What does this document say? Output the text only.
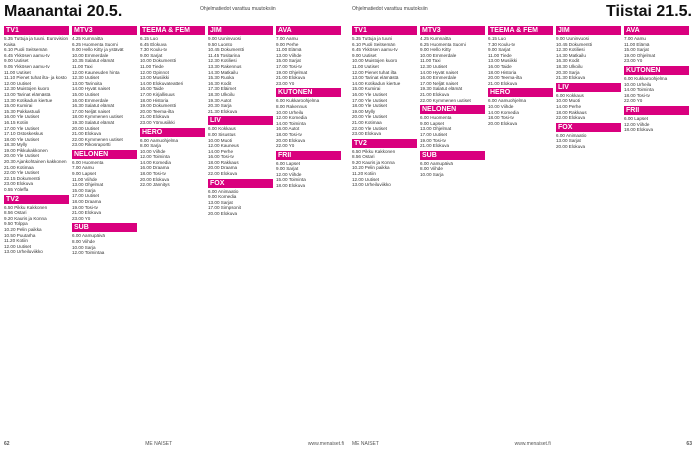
Maanantai 20.5.	Ohjelmatiedot varattuu muutoksiin
TV1
5.35 Tuttuja ja tuuni. Eurovision Kaisa
6.10 Puoli Seitsemän
6.45 Ykkösen aamu-tv
9.00 Uutiset
9.05 Ykkösen aamu-tv
11.00 Uutiset
11.10 Pienet tuhat ilta- ja kosto
12.00 Uutiset
12.30 Muistojen kuoro
13.00 Tarinat elämästä
13.30 Kotikadun kiertue
15.00 Kumirai
15.30 Pakkastuuli
16.00 Yle Uutiset
16.15 Kotiin
17.00 Yle Uutiset
17.10 Ostoskeskus
18.00 Yle Uutiset
18.30 Mylly
19.00 Pikkukakkonen
20.00 Yle Uutiset
20.30 Ajankohtainen kakkonen
21.00 Kotimaa
22.00 Yle Uutiset
22.15 Dokumentti
23.00 Elokuva
0.55 Yöleffa
TV2
6.50 Pikku Kakkonen
8.56 Ostari
9.20 Kauris ja Konna
9.50 Tolppa
10.20 Pelin paikka
10.50 Puutarha
11.20 Kotiin
12.00 Uutiset
13.00 Urheiluviikko
MTV3
4.25 Kumnaitta
6.25 Huomenta Suomi
9.00 Hello Kitty ja ystävät
10.00 Emmerdale
10.35 Salatut elämät
11.00 Taxi
12.00 Kauneuden hinta
12.30 Uutiset
13.00 Tarinoita
14.00 Hyvät naiset
15.00 Uutiset
16.00 Emmerdale
16.30 Salatut elämät
17.00 Neljät naiset
18.00 Kymmenen uutiset
19.30 Salatut elämät
20.00 Uutiset
21.00 Elokuva
22.00 Kymmenen uutiset
23.00 Rikosraportti
NELONEN
6.00 Huomenta
7.00 Aamu
9.00 Lapset
11.00 Viihde
13.00 Ohjelmat
15.00 Sarja
17.00 Uutiset
18.00 Draama
19.00 Tosi-tv
21.00 Elokuva
23.00 Yö
SUB
6.00 Aamupäivä
8.00 Viihde
10.00 Sarja
12.00 Toimintaa
TEEMA & FEM
6.15 Luo
6.45 Elokuva
7.30 Koulu-tv
9.00 Sarjat
10.00 Dokumentti
11.00 Tiede
12.00 Opinnot
13.00 Musiikki
14.00 Elokuvateatteri
16.00 Taide
17.00 Kirjallisuus
18.00 Historia
19.00 Dokumentti
20.00 Teema-ilta
21.00 Elokuva
23.00 Yömusiikki
HERO
6.00 Aamuohjelma
8.00 Sarja
10.00 Viihde
12.00 Toiminta
14.00 Komedia
16.00 Draama
18.00 Tosi-tv
20.00 Elokuva
22.00 Jännitys
JIM
9.00 Uuninvuosi
9.50 Luonto
10.45 Dokumentti
11.45 Tositarina
12.30 Kotiliesi
13.30 Rakennus
14.30 Matkailu
15.30 Ruoka
16.30 Kodit
17.30 Eläimet
18.30 Ulkoilu
19.30 Autot
20.30 Sarja
21.30 Elokuva
LIV
6.00 Kokkaus
8.00 Sisustus
10.00 Muoti
12.00 Kauneus
14.00 Perhe
16.00 Tosi-tv
18.00 Rakkaus
20.00 Draama
22.00 Elokuva
FOX
6.00 Animaatio
9.00 Komedia
13.00 Sarjat
17.00 Simpsonit
20.00 Elokuva
AVA
7.00 Aamu
9.00 Perhe
11.00 Elämä
13.00 Viihde
15.00 Sarjat
17.00 Tosi-tv
19.00 Ohjelmat
21.00 Elokuva
23.00 Yö
KUTONEN
6.00 Kukkaroohjelma
8.00 Rakennus
10.00 Urheilu
12.00 Komedia
14.00 Toiminta
16.00 Autot
18.00 Tosi-tv
20.00 Elokuva
22.00 Yö
FRII
6.00 Lapset
9.00 Sarjat
12.00 Viihde
15.00 Toiminta
18.00 Elokuva
62	ME NAISET	www.menaiset.fi
Tiistai 21.5.
Ohjelmatiedot varattuu muutoksiin
TV1
5.35 Tuttuja ja tuuni
6.10 Puoli Seitsemän
6.45 Ykkösen aamu-tv
9.00 Uutiset
10.00 Muistojen kuoro
11.00 Uutiset
12.00 Pienet tuhat ilta
13.00 Tarinat elämästä
14.00 Kotikadun kiertue
15.00 Kumirai
16.00 Yle Uutiset
17.00 Yle Uutiset
18.00 Yle Uutiset
19.00 Mylly
20.00 Yle Uutiset
21.00 Kotimaa
22.00 Yle Uutiset
23.00 Elokuva
TV2
6.50 Pikku Kakkonen
8.56 Ostari
9.20 Kauris ja Konna
10.20 Pelin paikka
11.20 Kotiin
12.00 Uutiset
13.00 Urheiluviikko
MTV3
4.25 Kumnaitta
6.25 Huomenta Suomi
9.00 Hello Kitty
10.00 Emmerdale
11.00 Taxi
12.30 Uutiset
14.00 Hyvät naiset
16.00 Emmerdale
17.00 Neljät naiset
19.30 Salatut elämät
21.00 Elokuva
22.00 Kymmenen uutiset
NELONEN
6.00 Huomenta
9.00 Lapset
13.00 Ohjelmat
17.00 Uutiset
19.00 Tosi-tv
21.00 Elokuva
SUB
6.00 Aamupäivä
8.00 Viihde
10.00 Sarja
TEEMA & FEM
6.15 Luo
7.30 Koulu-tv
9.00 Sarjat
11.00 Tiede
13.00 Musiikki
16.00 Taide
18.00 Historia
20.00 Teema-ilta
21.00 Elokuva
HERO
6.00 Aamuohjelma
10.00 Viihde
14.00 Komedia
18.00 Tosi-tv
20.00 Elokuva
JIM
9.00 Uuninvuosi
10.45 Dokumentti
12.30 Kotiliesi
14.30 Matkailu
16.30 Kodit
18.30 Ulkoilu
20.30 Sarja
21.30 Elokuva
LIV
6.00 Kokkaus
10.00 Muoti
14.00 Perhe
18.00 Rakkaus
22.00 Elokuva
FOX
6.00 Animaatio
13.00 Sarjat
20.00 Elokuva
AVA
7.00 Aamu
11.00 Elämä
15.00 Sarjat
19.00 Ohjelmat
23.00 Yö
KUTONEN
6.00 Kukkaroohjelma
10.00 Urheilu
14.00 Toiminta
18.00 Tosi-tv
22.00 Yö
FRII
6.00 Lapset
12.00 Viihde
18.00 Elokuva
ME NAISET	www.menaiset.fi	63
